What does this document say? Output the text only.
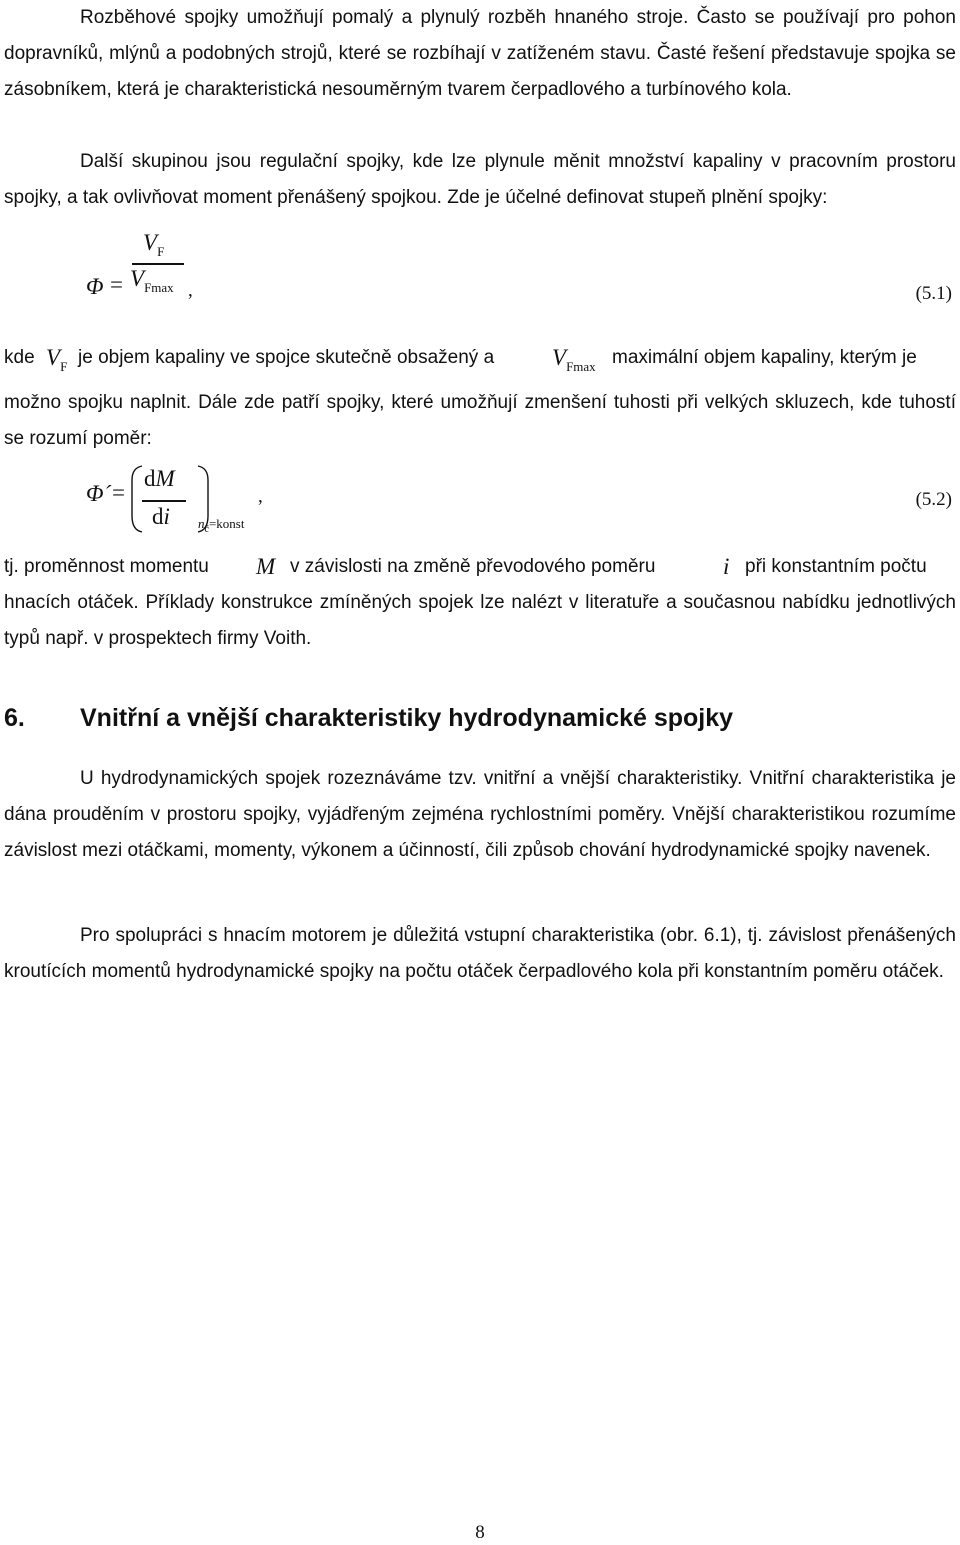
Rozběhové spojky umožňují pomalý a plynulý rozběh hnaného stroje. Často se používají pro pohon dopravníků, mlýnů a podobných strojů, které se rozbíhají v zatíženém stavu. Časté řešení představuje spojka se zásobníkem, která je charakteristická nesouměrným tvarem čerpadlového a turbínového kola.

Další skupinou jsou regulační spojky, kde lze plynule měnit množství kapaliny v pracovním prostoru spojky, a tak ovlivňovat moment přenášený spojkou. Zde je účelné definovat stupeň plnění spojky:

Φ =
$V_F$
$V_{Fmax}$ ,	(5.1)
kde $V_F$ je objem kapaliny ve spojce skutečně obsažený a	$V_{Fmax}$ maximální objem kapaliny, kterým je

možno spojku naplnit. Dále zde patří spojky, které umožňují zmenšení tuhosti při velkých skluzech, kde tuhostí se rozumí poměr:

Φ´ =
dM
di $n_č=konst$
,	(5.2)
tj. proměnnost momentu M v závislosti na změně převodového poměru	i při konstantním počtu

hnacích otáček. Příklady konstrukce zmíněných spojek lze nalézt v literatuře a současnou nabídku jednotlivých typů např. v prospektech firmy Voith.

6. Vnitřní a vnější charakteristiky hydrodynamické spojky

U hydrodynamických spojek rozeznáváme tzv. vnitřní a vnější charakteristiky. Vnitřní charakteristika je dána prouděním v prostoru spojky, vyjádřeným zejména rychlostními poměry. Vnější charakteristikou rozumíme závislost mezi otáčkami, momenty, výkonem a účinností, čili způsob chování hydrodynamické spojky navenek.

Pro spolupráci s hnacím motorem je důležitá vstupní charakteristika (obr. 6.1), tj. závislost přenášených kroutících momentů hydrodynamické spojky na počtu otáček čerpadlového kola při konstantním poměru otáček.

8
